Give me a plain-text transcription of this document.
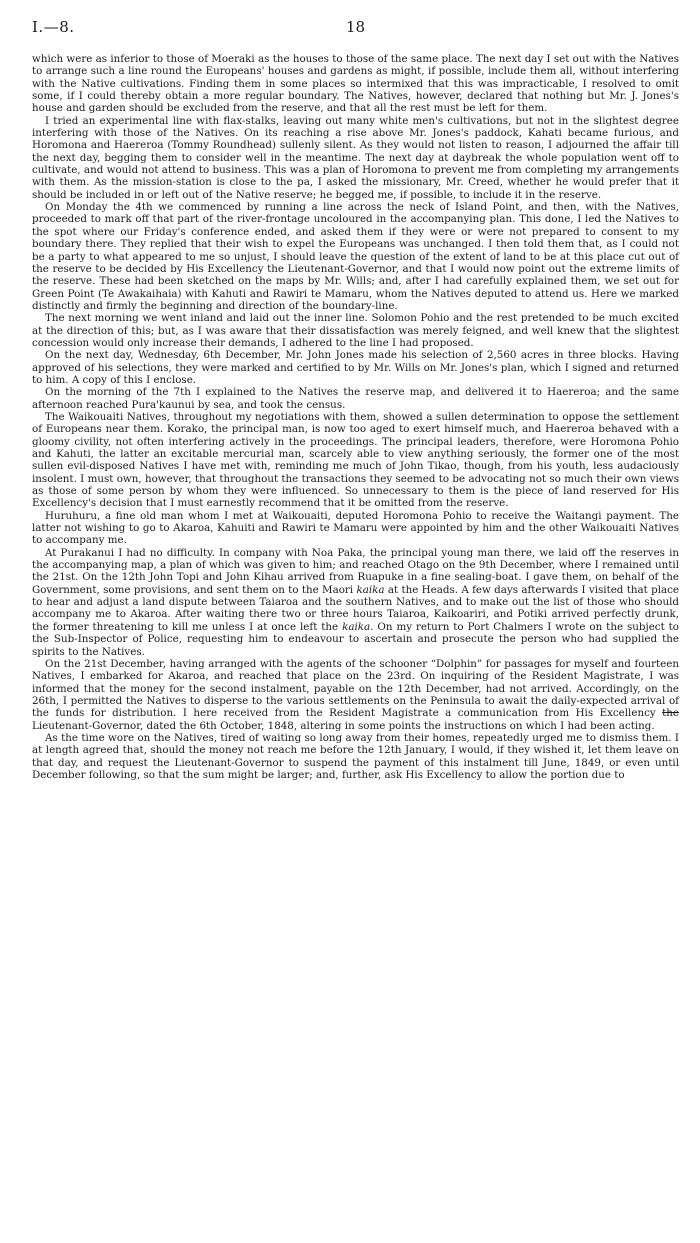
I.—8.	18

which were as inferior to those of Moeraki as the houses to those of the same place. The next day I set out with the Natives to arrange such a line round the Europeans' houses and gardens as might, if possible, include them all, without interfering with the Native cultivations. Finding them in some places so intermixed that this was impracticable, I resolved to omit some, if I could thereby obtain a more regular boundary. The Natives, however, declared that nothing but Mr. J. Jones's house and garden should be excluded from the reserve, and that all the rest must be left for them.

I tried an experimental line with flax-stalks, leaving out many white men's cultivations, but not in the slightest degree interfering with those of the Natives. On its reaching a rise above Mr. Jones's paddock, Kahati became furious, and Horomona and Haereroa (Tommy Roundhead) sullenly silent. As they would not listen to reason, I adjourned the affair till the next day, begging them to consider well in the meantime. The next day at daybreak the whole population went off to cultivate, and would not attend to business. This was a plan of Horomona to prevent me from completing my arrangements with them. As the mission-station is close to the pa, I asked the missionary, Mr. Creed, whether he would prefer that it should be included in or left out of the Native reserve; he begged me, if possible, to include it in the reserve.

On Monday the 4th we commenced by running a line across the neck of Island Point, and then, with the Natives, proceeded to mark off that part of the river-frontage uncoloured in the accompanying plan. This done, I led the Natives to the spot where our Friday's conference ended, and asked them if they were or were not prepared to consent to my boundary there. They replied that their wish to expel the Europeans was unchanged. I then told them that, as I could not be a party to what appeared to me so unjust, I should leave the question of the extent of land to be at this place cut out of the reserve to be decided by His Excellency the Lieutenant-Governor, and that I would now point out the extreme limits of the reserve. These had been sketched on the maps by Mr. Wills; and, after I had carefully explained them, we set out for Green Point (Te Awakaihaia) with Kahuti and Rawiri te Mamaru, whom the Natives deputed to attend us. Here we marked distinctly and firmly the beginning and direction of the boundary-line.

The next morning we went inland and laid out the inner line. Solomon Pohio and the rest pretended to be much excited at the direction of this; but, as I was aware that their dissatisfaction was merely feigned, and well knew that the slightest concession would only increase their demands, I adhered to the line I had proposed.

On the next day, Wednesday, 6th December, Mr. John Jones made his selection of 2,560 acres in three blocks. Having approved of his selections, they were marked and certified to by Mr. Wills on Mr. Jones's plan, which I signed and returned to him. A copy of this I enclose.

On the morning of the 7th I explained to the Natives the reserve map, and delivered it to Haereroa; and the same afternoon reached Pura'kaunui by sea, and took the census.

The Waikouaiti Natives, throughout my negotiations with them, showed a sullen determination to oppose the settlement of Europeans near them. Korako, the principal man, is now too aged to exert himself much, and Haereroa behaved with a gloomy civility, not often interfering actively in the proceedings. The principal leaders, therefore, were Horomona Pohio and Kahuti, the latter an excitable mercurial man, scarcely able to view anything seriously, the former one of the most sullen evil-disposed Natives I have met with, reminding me much of John Tikao, though, from his youth, less audaciously insolent. I must own, however, that throughout the transactions they seemed to be advocating not so much their own views as those of some person by whom they were influenced. So unnecessary to them is the piece of land reserved for His Excellency's decision that I must earnestly recommend that it be omitted from the reserve.

Huruhuru, a fine old man whom I met at Waikouaiti, deputed Horomona Pohio to receive the Waitangi payment. The latter not wishing to go to Akaroa, Kahuiti and Rawiri te Mamaru were appointed by him and the other Waikouaiti Natives to accompany me.

At Purakanui I had no difficulty. In company with Noa Paka, the principal young man there, we laid off the reserves in the accompanying map, a plan of which was given to him; and reached Otago on the 9th December, where I remained until the 21st. On the 12th John Topi and John Kihau arrived from Ruapuke in a fine sealing-boat. I gave them, on behalf of the Government, some provisions, and sent them on to the Maori kaika at the Heads. A few days afterwards I visited that place to hear and adjust a land dispute between Taiaroa and the southern Natives, and to make out the list of those who should accompany me to Akaroa. After waiting there two or three hours Taiaroa, Kaikoariri, and Potiki arrived perfectly drunk, the former threatening to kill me unless I at once left the kaika. On my return to Port Chalmers I wrote on the subject to the Sub-Inspector of Police, requesting him to endeavour to ascertain and prosecute the person who had supplied the spirits to the Natives.

On the 21st December, having arranged with the agents of the schooner “Dolphin” for passages for myself and fourteen Natives, I embarked for Akaroa, and reached that place on the 23rd. On inquiring of the Resident Magistrate, I was informed that the money for the second instalment, payable on the 12th December, had not arrived. Accordingly, on the 26th, I permitted the Natives to disperse to the various settlements on the Peninsula to await the daily-expected arrival of the funds for distribution. I here received from the Resident Magistrate a communication from His Excellency the Lieutenant-Governor, dated the 6th October, 1848, altering in some points the instructions on which I had been acting.

As the time wore on the Natives, tired of waiting so long away from their homes, repeatedly urged me to dismiss them. I at length agreed that, should the money not reach me before the 12th January, I would, if they wished it, let them leave on that day, and request the Lieutenant-Governor to suspend the payment of this instalment till June, 1849, or even until December following, so that the sum might be larger; and, further, ask His Excellency to allow the portion due to
